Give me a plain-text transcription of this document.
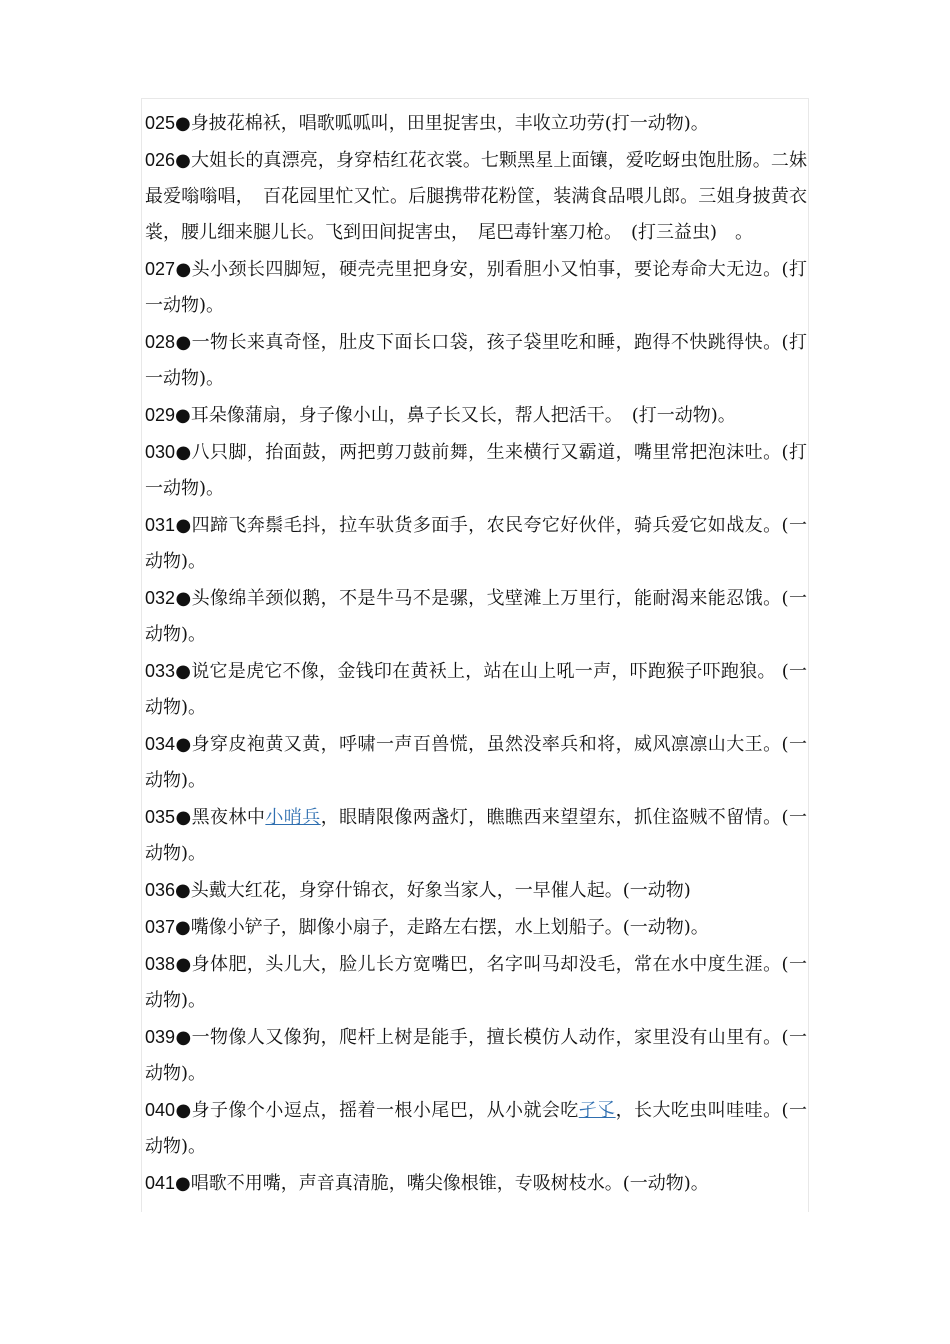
025●身披花棉袄，唱歌呱呱叫，田里捉害虫，丰收立功劳(打一动物)。

026●大姐长的真漂亮，身穿桔红花衣裳。七颗黑星上面镶，爱吃蚜虫饱肚肠。二妹最爱嗡嗡唱，　百花园里忙又忙。后腿携带花粉筐，装满食品喂儿郎。三姐身披黄衣裳，腰儿细来腿儿长。飞到田间捉害虫，　尾巴毒针塞刀枪。　(打三益虫)　。

027●头小颈长四脚短，硬壳壳里把身安，别看胆小又怕事，要论寿命大无边。(打一动物)。

028●一物长来真奇怪，肚皮下面长口袋，孩子袋里吃和睡，跑得不快跳得快。(打一动物)。

029●耳朵像蒲扇，身子像小山，鼻子长又长，帮人把活干。　(打一动物)。

030●八只脚，抬面鼓，两把剪刀鼓前舞，生来横行又霸道，嘴里常把泡沫吐。(打一动物)。

031●四蹄飞奔鬃毛抖，拉车驮货多面手，农民夸它好伙伴，骑兵爱它如战友。(一动物)。

032●头像绵羊颈似鹅，不是牛马不是骡，戈壁滩上万里行，能耐渴来能忍饿。(一动物)。

033●说它是虎它不像，金钱印在黄袄上，站在山上吼一声，吓跑猴子吓跑狼。 (一动物)。

034●身穿皮袍黄又黄，呼啸一声百兽慌，虽然没率兵和将，威风凛凛山大王。(一动物)。

035●黑夜林中小哨兵，眼睛限像两盏灯，瞧瞧西来望望东，抓住盗贼不留情。(一动物)。

036●头戴大红花，身穿什锦衣，好象当家人，一早催人起。(一动物)

037●嘴像小铲子，脚像小扇子，走路左右摆，水上划船子。(一动物)。

038●身体肥，头儿大，脸儿长方宽嘴巴，名字叫马却没毛，常在水中度生涯。(一动物)。

039●一物像人又像狗，爬杆上树是能手，擅长模仿人动作，家里没有山里有。(一动物)。

040●身子像个小逗点，摇着一根小尾巴，从小就会吃孑孓，长大吃虫叫哇哇。(一动物)。

041●唱歌不用嘴，声音真清脆，嘴尖像根锥，专吸树枝水。(一动物)。
